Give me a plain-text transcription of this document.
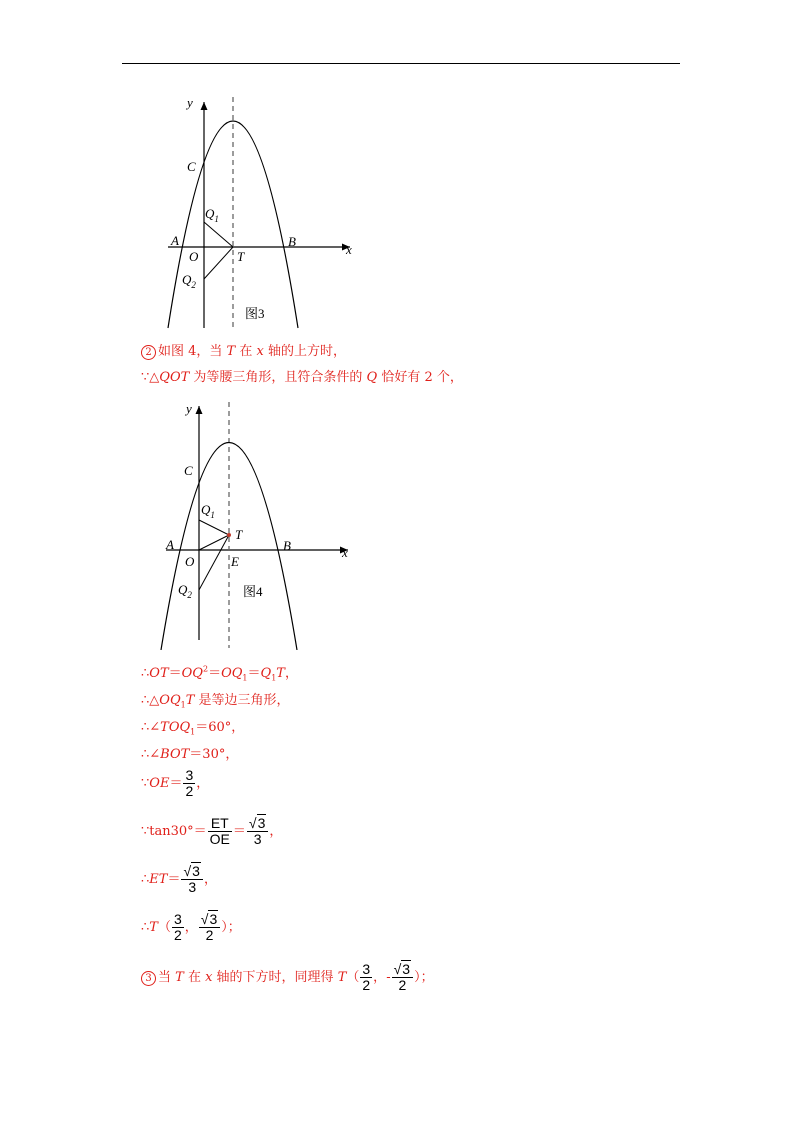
y
x
C
$Q_1$
A
O	T
B
$Q_2$
图3
2 如图 4，当 T 在 x 轴的上方时，
∵△QOT 为等腰三角形，且符合条件的 Q 恰好有 2 个，
y
x
C
$Q_1$
T
A	B
O	E
$Q_2$	图4
$\therefore OT=OQ^2=OQ_1=Q_1T$，
$\therefore\triangle OQ_1T$ 是等边三角形，
$\therefore\angle TOQ_1=60^\circ$，
∴∠BOT＝30°，
∵OE＝ $\frac{3}{2}$ ，
∵tan30°＝ $\frac{ET}{OE} = \frac{√3}{3}$ ，
∴ET＝ $\frac{√3}{3}$ ，
∴T（ $\frac{3}{2}$ ， $\frac{√3}{2}$ ）；
3 当 T 在 x 轴的下方时，同理得 $T( \frac{3}{2}$ ，- $\frac{√3}{2}$ ）；
